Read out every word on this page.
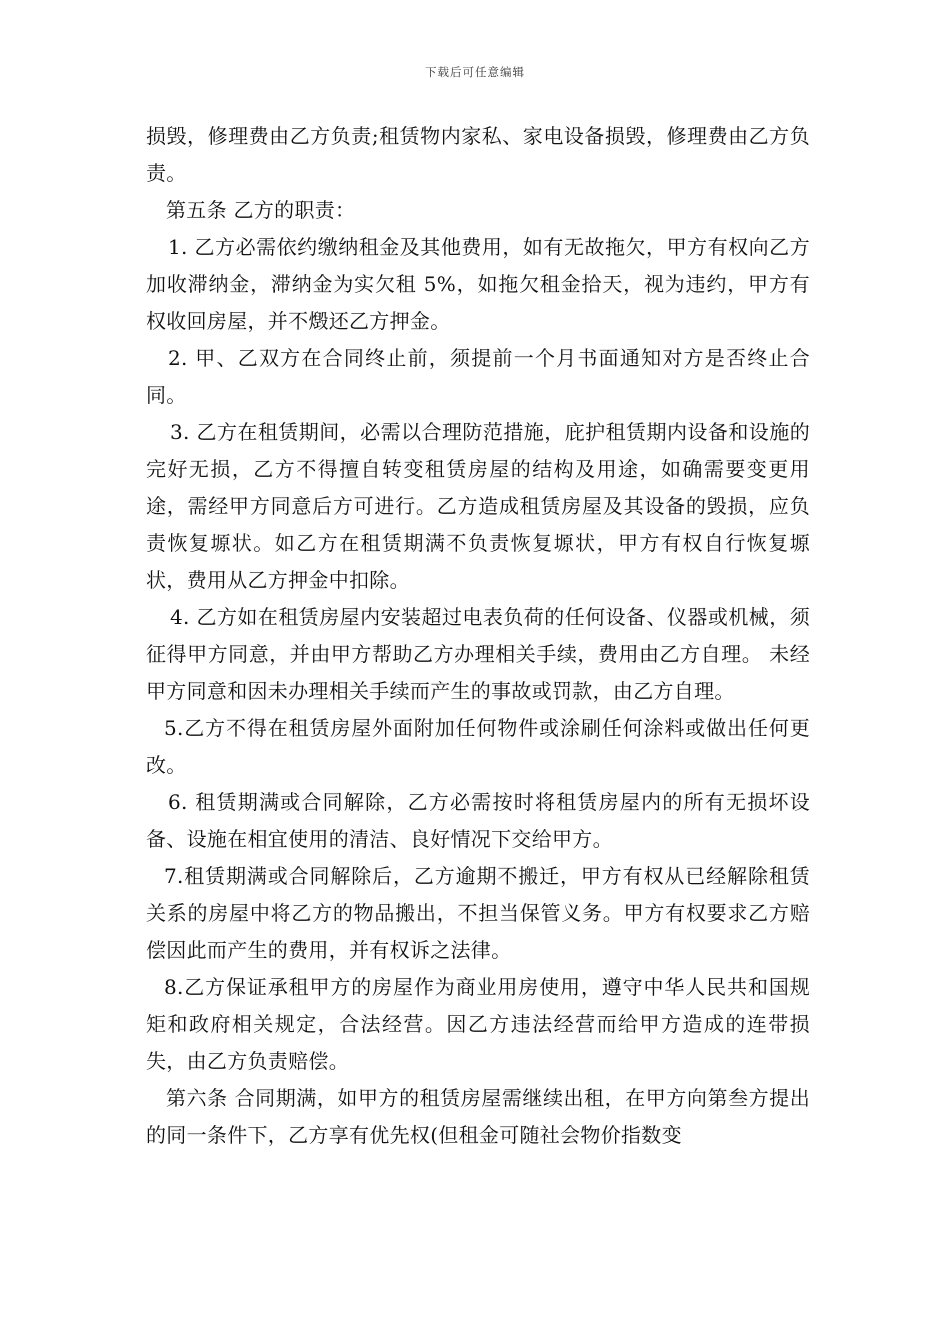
下载后可任意编辑

损毁，修理费由乙方负责;租赁物内家私、家电设备损毁，修理费由乙方负责。

第五条 乙方的职责：

1. 乙方必需依约缴纳租金及其他费用，如有无故拖欠，甲方有权向乙方加收滞纳金，滞纳金为实欠租 5%，如拖欠租金拾天，视为违约，甲方有权收回房屋，并不燬还乙方押金。

2. 甲、乙双方在合同终止前，须提前一个月书面通知对方是否终止合同。

3. 乙方在租赁期间，必需以合理防范措施，庇护租赁期内设备和设施的完好无损，乙方不得擅自转变租赁房屋的结构及用途，如确需要变更用途，需经甲方同意后方可进行。乙方造成租赁房屋及其设备的毁损，应负责恢复塬状。如乙方在租赁期满不负责恢复塬状，甲方有权自行恢复塬状，费用从乙方押金中扣除。

4. 乙方如在租赁房屋内安装超过电表负荷的任何设备、仪器或机械，须征得甲方同意，并由甲方帮助乙方办理相关手续，费用由乙方自理。 未经甲方同意和因未办理相关手续而产生的事故或罚款，由乙方自理。

5.乙方不得在租赁房屋外面附加任何物件或涂刷任何涂料或做出任何更改。

6. 租赁期满或合同解除，乙方必需按时将租赁房屋内的所有无损坏设备、设施在相宜使用的清洁、良好情况下交给甲方。

7.租赁期满或合同解除后，乙方逾期不搬迁，甲方有权从已经解除租赁关系的房屋中将乙方的物品搬出，不担当保管义务。甲方有权要求乙方赔偿因此而产生的费用，并有权诉之法律。

8.乙方保证承租甲方的房屋作为商业用房使用，遵守中华人民共和国规矩和政府相关规定，合法经营。因乙方违法经营而给甲方造成的连带损失，由乙方负责赔偿。

第六条 合同期满，如甲方的租赁房屋需继续出租，在甲方向第叁方提出的同一条件下，乙方享有优先权(但租金可随社会物价指数变
